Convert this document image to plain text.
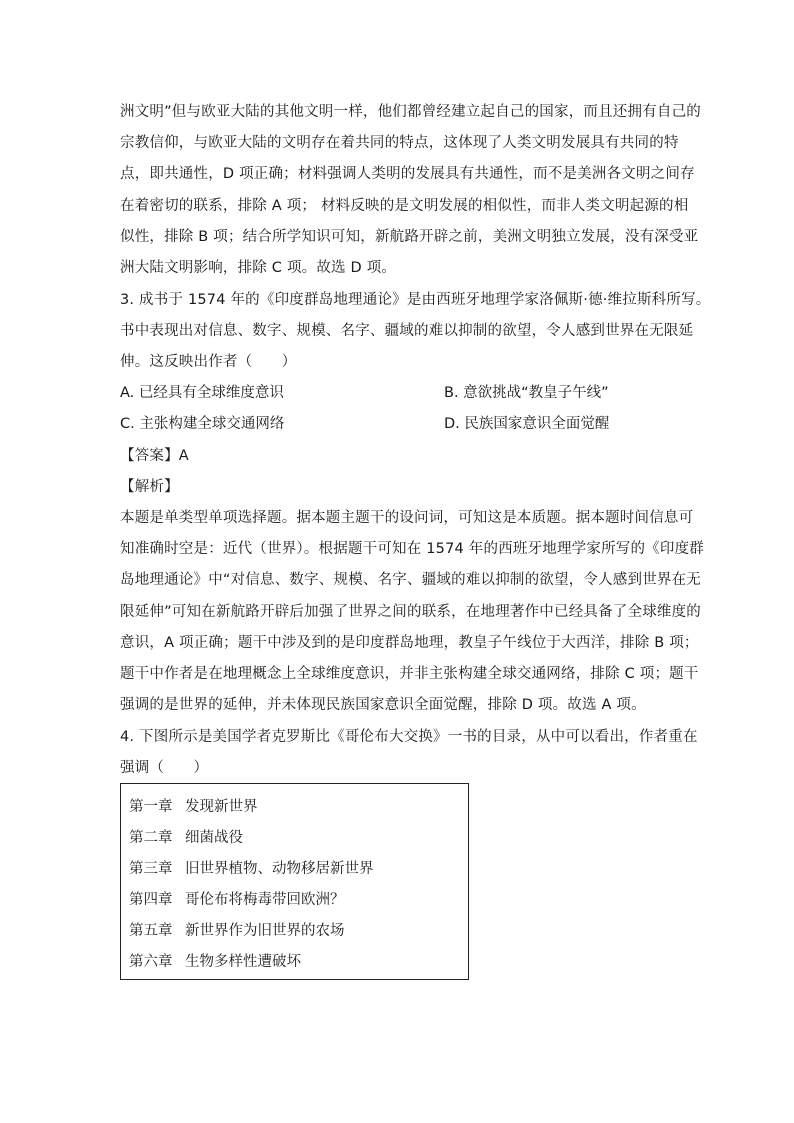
洲文明”但与欧亚大陆的其他文明一样，他们都曾经建立起自己的国家，而且还拥有自己的
宗教信仰，与欧亚大陆的文明存在着共同的特点，这体现了人类文明发展具有共同的特
点，即共通性，D 项正确；材料强调人类明的发展具有共通性，而不是美洲各文明之间存
在着密切的联系，排除 A 项； 材料反映的是文明发展的相似性，而非人类文明起源的相
似性，排除 B 项；结合所学知识可知，新航路开辟之前，美洲文明独立发展，没有深受亚
洲大陆文明影响，排除 C 项。故选 D 项。
3. 成书于 1574 年的《印度群岛地理通论》是由西班牙地理学家洛佩斯·德·维拉斯科所写。
书中表现出对信息、数字、规模、名字、疆域的难以抑制的欲望，令人感到世界在无限延
伸。这反映出作者（　　）
A. 已经具有全球维度意识	B. 意欲挑战“教皇子午线”
C. 主张构建全球交通网络	D. 民族国家意识全面觉醒
【答案】A
【解析】
本题是单类型单项选择题。据本题主题干的设问词，可知这是本质题。据本题时间信息可
知准确时空是：近代（世界）。根据题干可知在 1574 年的西班牙地理学家所写的《印度群
岛地理通论》中“对信息、数字、规模、名字、疆域的难以抑制的欲望，令人感到世界在无
限延伸”可知在新航路开辟后加强了世界之间的联系，在地理著作中已经具备了全球维度的
意识，A 项正确；题干中涉及到的是印度群岛地理，教皇子午线位于大西洋，排除 B 项；
题干中作者是在地理概念上全球维度意识，并非主张构建全球交通网络，排除 C 项；题干
强调的是世界的延伸，并未体现民族国家意识全面觉醒，排除 D 项。故选 A 项。
4. 下图所示是美国学者克罗斯比《哥伦布大交换》一书的目录，从中可以看出，作者重在
强调（　　）
第一章 发现新世界
第二章 细菌战役
第三章 旧世界植物、动物移居新世界
第四章 哥伦布将梅毒带回欧洲？
第五章 新世界作为旧世界的农场
第六章 生物多样性遭破坏
